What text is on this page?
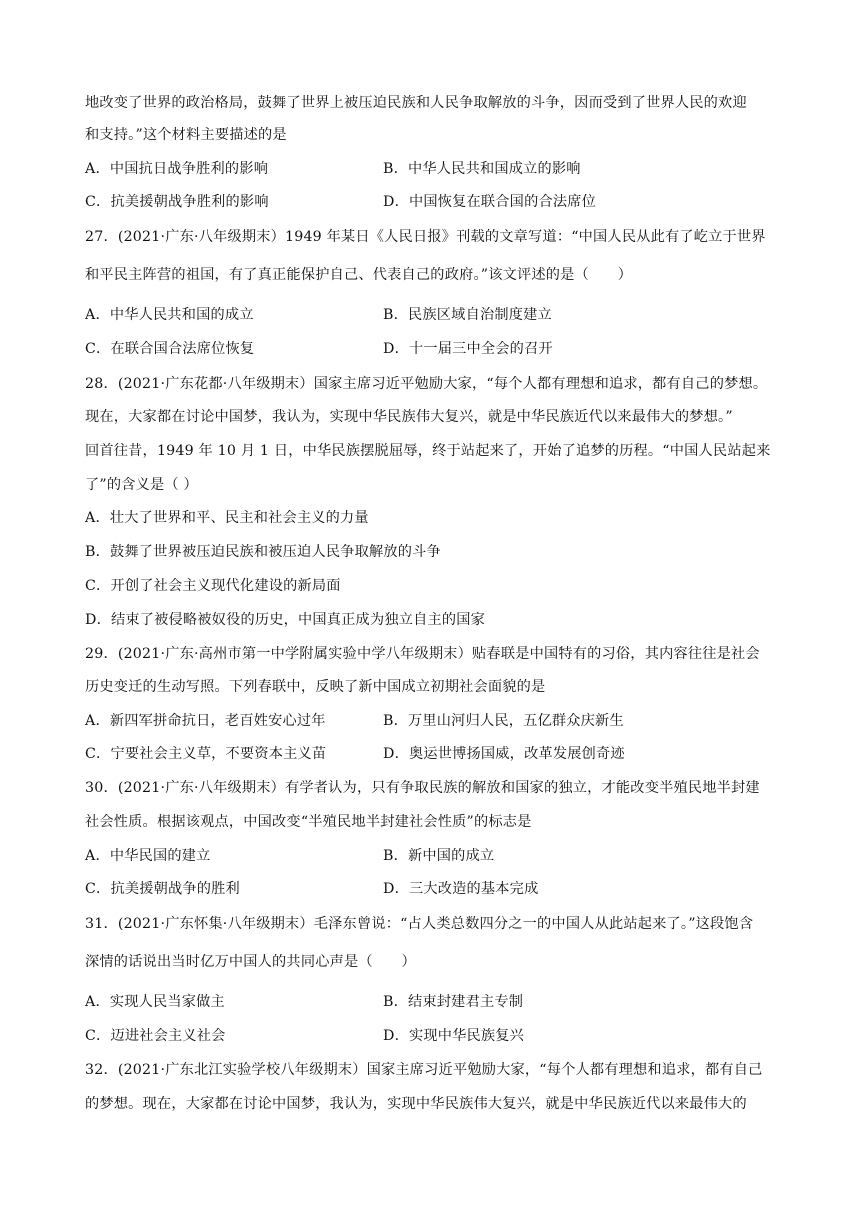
地改变了世界的政治格局，鼓舞了世界上被压迫民族和人民争取解放的斗争，因而受到了世界人民的欢迎
和支持。”这个材料主要描述的是
A．中国抗日战争胜利的影响	B．中华人民共和国成立的影响
C．抗美援朝战争胜利的影响	D．中国恢复在联合国的合法席位
27．(2021·广东·八年级期末）1949 年某日《人民日报》刊载的文章写道：“中国人民从此有了屹立于世界
和平民主阵营的祖国，有了真正能保护自己、代表自己的政府。”该文评述的是（　　）
A．中华人民共和国的成立	B．民族区域自治制度建立
C．在联合国合法席位恢复	D．十一届三中全会的召开
28．(2021·广东花都·八年级期末）国家主席习近平勉励大家，“每个人都有理想和追求，都有自己的梦想。
现在，大家都在讨论中国梦，我认为，实现中华民族伟大复兴，就是中华民族近代以来最伟大的梦想。”
回首往昔，1949 年 10 月 1 日，中华民族摆脱屈辱，终于站起来了，开始了追梦的历程。“中国人民站起来
了”的含义是（ ）
A．壮大了世界和平、民主和社会主义的力量
B．鼓舞了世界被压迫民族和被压迫人民争取解放的斗争
C．开创了社会主义现代化建设的新局面
D．结束了被侵略被奴役的历史，中国真正成为独立自主的国家
29．(2021·广东·高州市第一中学附属实验中学八年级期末）贴春联是中国特有的习俗，其内容往往是社会
历史变迁的生动写照。下列春联中，反映了新中国成立初期社会面貌的是
A．新四军拼命抗日，老百姓安心过年	B．万里山河归人民，五亿群众庆新生
C．宁要社会主义草，不要资本主义苗	D．奥运世博扬国威，改革发展创奇迹
30．(2021·广东·八年级期末）有学者认为，只有争取民族的解放和国家的独立，才能改变半殖民地半封建
社会性质。根据该观点，中国改变“半殖民地半封建社会性质”的标志是
A．中华民国的建立	B．新中国的成立
C．抗美援朝战争的胜利	D．三大改造的基本完成
31．(2021·广东怀集·八年级期末）毛泽东曾说：“占人类总数四分之一的中国人从此站起来了。”这段饱含
深情的话说出当时亿万中国人的共同心声是（　　）
A．实现人民当家做主	B．结束封建君主专制
C．迈进社会主义社会	D．实现中华民族复兴
32．(2021·广东北江实验学校八年级期末）国家主席习近平勉励大家，“每个人都有理想和追求，都有自己
的梦想。现在，大家都在讨论中国梦，我认为，实现中华民族伟大复兴，就是中华民族近代以来最伟大的
